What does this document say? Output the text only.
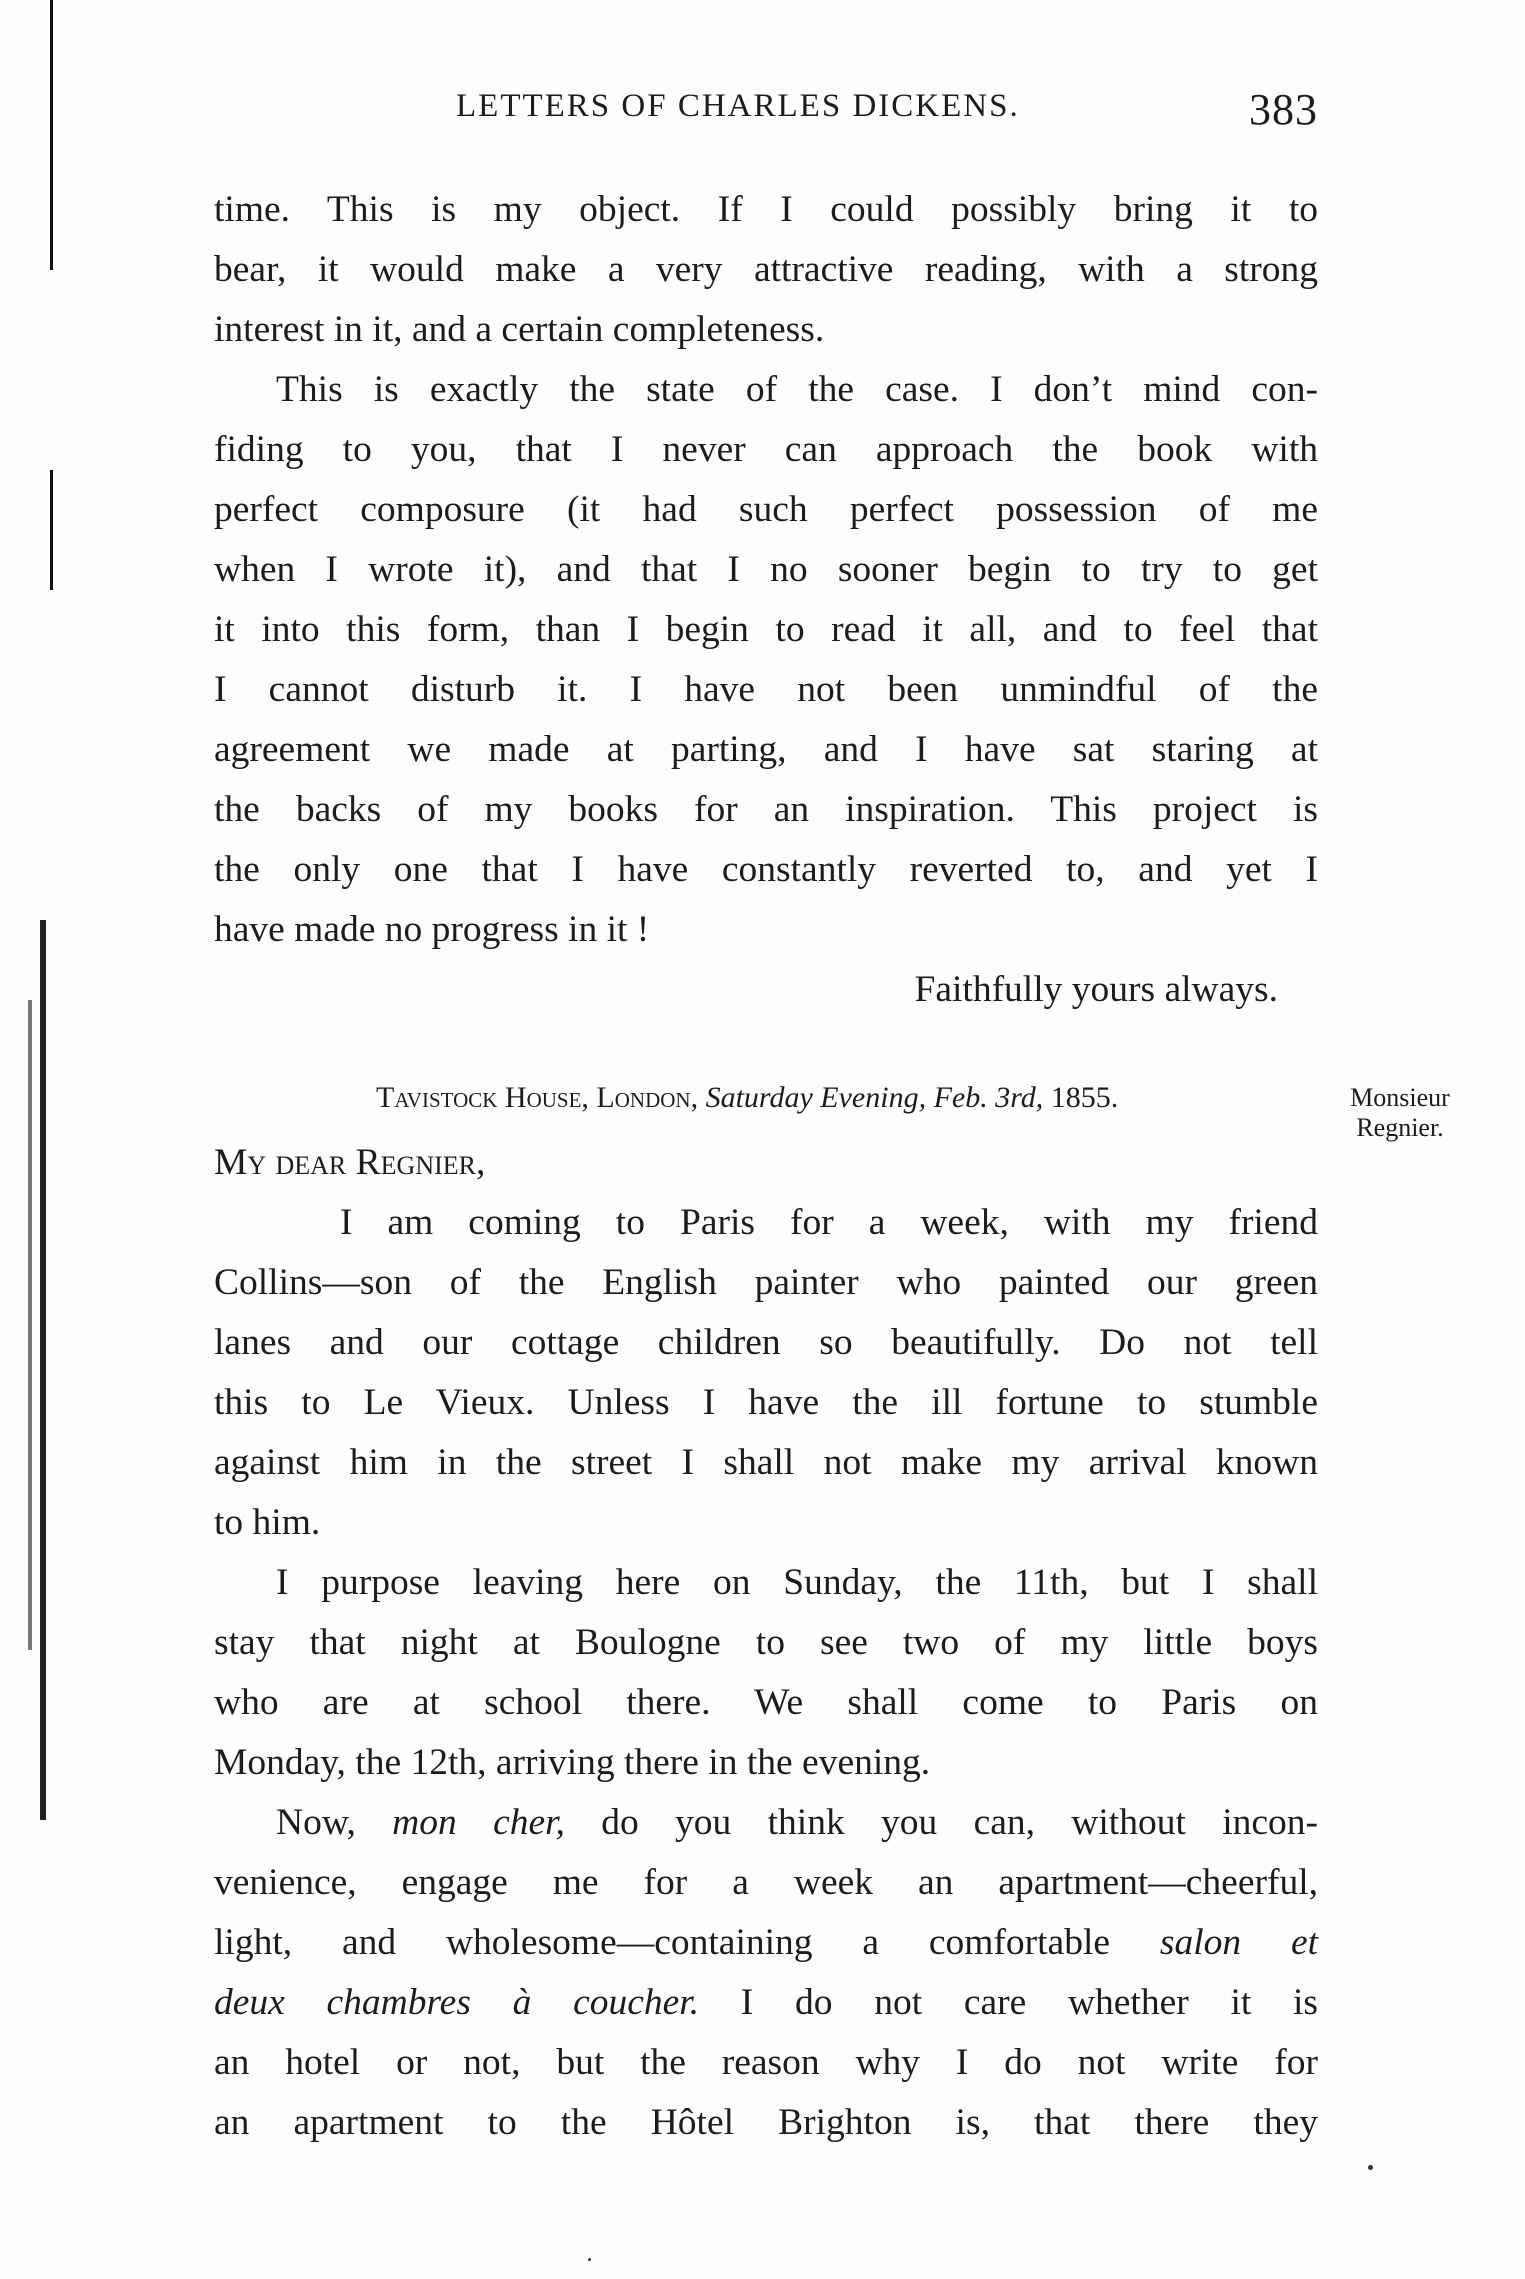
LETTERS OF CHARLES DICKENS.	383
time. This is my object. If I could possibly bring it to
bear, it would make a very attractive reading, with a strong
interest in it, and a certain completeness.
This is exactly the state of the case. I don’t mind con-
fiding to you, that I never can approach the book with
perfect composure (it had such perfect possession of me
when I wrote it), and that I no sooner begin to try to get
it into this form, than I begin to read it all, and to feel that
I cannot disturb it. I have not been unmindful of the
agreement we made at parting, and I have sat staring at
the backs of my books for an inspiration. This project is
the only one that I have constantly reverted to, and yet I
have made no progress in it !
Faithfully yours always.
Tavistock House, London, Saturday Evening, Feb. 3rd, 1855.	Monsieur
Regnier.
My dear Regnier,
I am coming to Paris for a week, with my friend
Collins—son of the English painter who painted our green
lanes and our cottage children so beautifully. Do not tell
this to Le Vieux. Unless I have the ill fortune to stumble
against him in the street I shall not make my arrival known
to him.
I purpose leaving here on Sunday, the 11th, but I shall
stay that night at Boulogne to see two of my little boys
who are at school there. We shall come to Paris on
Monday, the 12th, arriving there in the evening.
Now, mon cher, do you think you can, without incon-
venience, engage me for a week an apartment—cheerful,
light, and wholesome—containing a comfortable salon et
deux chambres à coucher. I do not care whether it is
an hotel or not, but the reason why I do not write for
an apartment to the Hôtel Brighton is, that there they
